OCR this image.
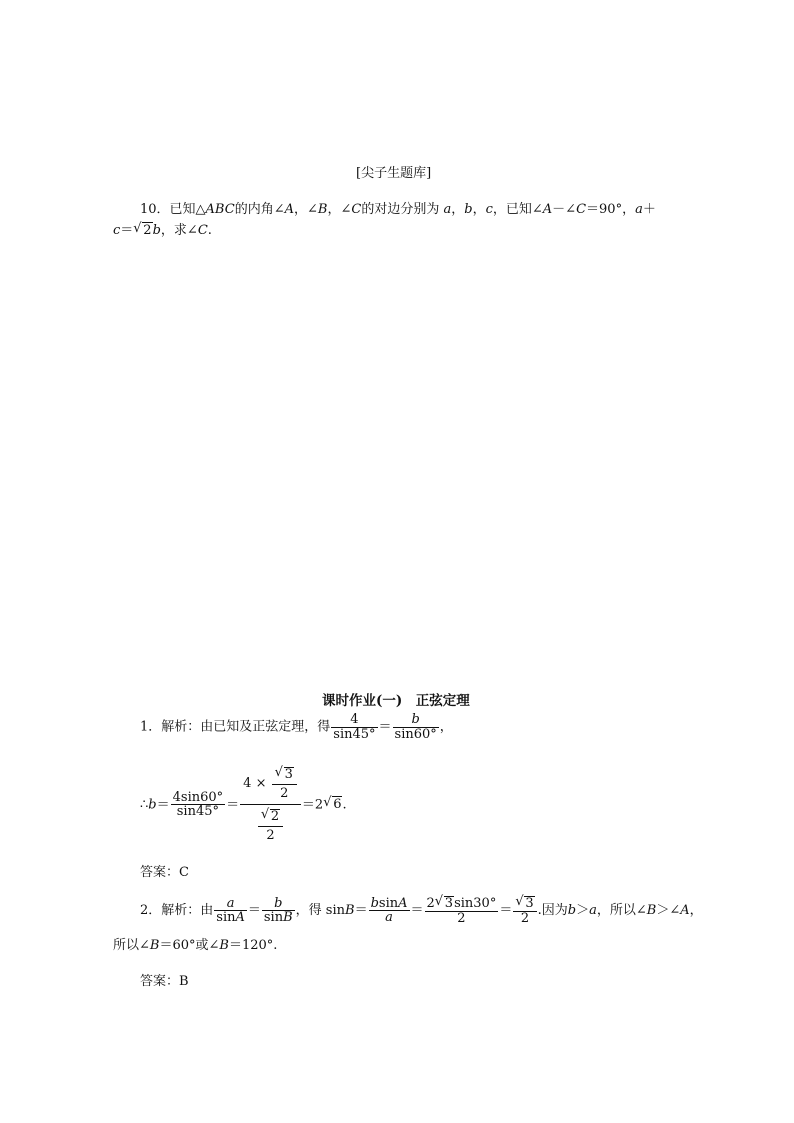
[尖子生题库]
10．已知△ABC的内角∠A，∠B，∠C的对边分别为 a，b，c，已知∠A－∠C＝90°，a＋
c＝√ 2b，求∠C.
课时作业(一)　正弦定理
1．解析：由已知及正弦定理，得 $\frac{4}{\sin 45^\circ} = \frac{b}{\sin 60^\circ}$ ，
∴b＝ $\frac{4\sin 60^\circ}{\sin 45^\circ} = 4$ ×
√ $\frac{3}{2}$
√ $\frac{2}{2} =2√$ 6.
答案：C
2．解析：由 $\frac{a}{\sin A} = \frac{b}{\sin B}$ ，得 $\sin B= \frac{bsinA}{a} = \frac{2√ 3\sin 30^\circ}{2}$ ＝
√ $\frac{3}{2}$ .因为b＞a，所以∠B＞∠A，
所以∠B＝60°或∠B＝120°.
答案：B
